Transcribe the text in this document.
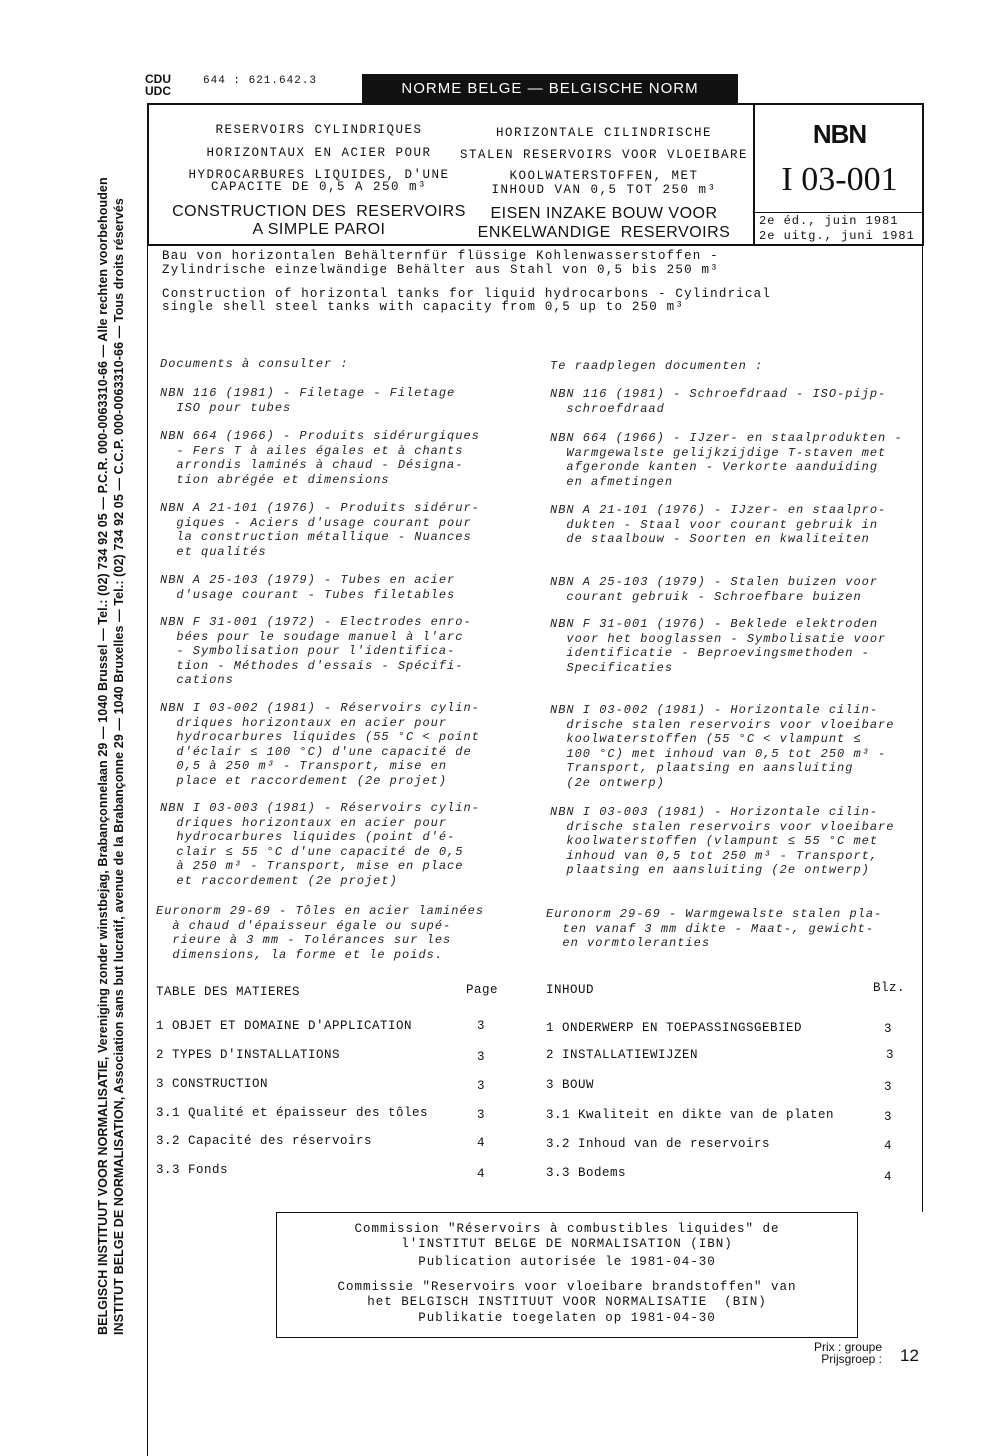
BELGISCH INSTITUUT VOOR NORMALISATIE, Vereniging zonder winstbejag, Brabançonnelaan 29 — 1040 Brussel — Tel.: (02) 734 92 05 — P.C.R. 000-0063310-66 — Alle rechten voorbehouden INSTITUT BELGE DE NORMALISATION, Association sans but lucratif, avenue de la Brabançonne 29 — 1040 Bruxelles — Tel.: (02) 734 92 05 — C.C.P. 000-0063310-66 — Tous droits réservés
CDU
UDC
644 : 621.642.3	NORME BELGE — BELGISCHE NORM
RESERVOIRS CYLINDRIQUES
HORIZONTAUX EN ACIER POUR
HYDROCARBURES LIQUIDES, D'UNE
CAPACITE DE 0,5 A 250 m³
CONSTRUCTION DES  RESERVOIRS
A SIMPLE PAROI
HORIZONTALE CILINDRISCHE
STALEN RESERVOIRS VOOR VLOEIBARE
KOOLWATERSTOFFEN, MET
INHOUD VAN 0,5 TOT 250 m³
EISEN INZAKE BOUW VOOR
ENKELWANDIGE  RESERVOIRS
NBN
I 03-001
2e éd., juin 1981
2e uitg., juni 1981
Bau von horizontalen Behälternfür flüssige Kohlenwasserstoffen -
Zylindrische einzelwändige Behälter aus Stahl von 0,5 bis 250 m³
Construction of horizontal tanks for liquid hydrocarbons - Cylindrical
single shell steel tanks with capacity from 0,5 up to 250 m³
Documents à consulter :	Te raadplegen documenten :
NBN 116 (1981) - Filetage - Filetage
ISO pour tubes
NBN 664 (1966) - Produits sidérurgiques
- Fers T à ailes égales et à chants
arrondis laminés à chaud - Désigna-
tion abrégée et dimensions
NBN A 21-101 (1976) - Produits sidérur-
giques - Aciers d'usage courant pour
la construction métallique - Nuances
et qualités
NBN A 25-103 (1979) - Tubes en acier
d'usage courant - Tubes filetables
NBN F 31-001 (1972) - Electrodes enro-
bées pour le soudage manuel à l'arc
- Symbolisation pour l'identifica-
tion - Méthodes d'essais - Spécifi-
cations
NBN I 03-002 (1981) - Réservoirs cylin-
driques horizontaux en acier pour
hydrocarbures liquides (55 °C < point
d'éclair ≤ 100 °C) d'une capacité de
0,5 à 250 m³ - Transport, mise en
place et raccordement (2e projet)
NBN I 03-003 (1981) - Réservoirs cylin-
driques horizontaux en acier pour
hydrocarbures liquides (point d'é-
clair ≤ 55 °C d'une capacité de 0,5
à 250 m³ - Transport, mise en place
et raccordement (2e projet)
Euronorm 29-69 - Tôles en acier laminées
à chaud d'épaisseur égale ou supé-
rieure à 3 mm - Tolérances sur les
dimensions, la forme et le poids.
NBN 116 (1981) - Schroefdraad - ISO-pijp-
schroefdraad
NBN 664 (1966) - IJzer- en staalprodukten -
Warmgewalste gelijkzijdige T-staven met
afgeronde kanten - Verkorte aanduiding
en afmetingen
NBN A 21-101 (1976) - IJzer- en staalpro-
dukten - Staal voor courant gebruik in
de staalbouw - Soorten en kwaliteiten
NBN A 25-103 (1979) - Stalen buizen voor
courant gebruik - Schroefbare buizen
NBN F 31-001 (1976) - Beklede elektroden
voor het booglassen - Symbolisatie voor
identificatie - Beproevingsmethoden -
Specificaties
NBN I 03-002 (1981) - Horizontale cilin-
drische stalen reservoirs voor vloeibare
koolwaterstoffen (55 °C < vlampunt ≤
100 °C) met inhoud van 0,5 tot 250 m³ -
Transport, plaatsing en aansluiting
(2e ontwerp)
NBN I 03-003 (1981) - Horizontale cilin-
drische stalen reservoirs voor vloeibare
koolwaterstoffen (vlampunt ≤ 55 °C met
inhoud van 0,5 tot 250 m³ - Transport,
plaatsing en aansluiting (2e ontwerp)
Euronorm 29-69 - Warmgewalste stalen pla-
ten vanaf 3 mm dikte - Maat-, gewicht-
en vormtoleranties
TABLE DES MATIERES	Page	INHOUD	Blz.
1 OBJET ET DOMAINE D'APPLICATION	3
2 TYPES D'INSTALLATIONS	3
3 CONSTRUCTION	3
3.1 Qualité et épaisseur des tôles	3
3.2 Capacité des réservoirs	4
3.3 Fonds	4
1 ONDERWERP EN TOEPASSINGSGEBIED	3
2 INSTALLATIEWIJZEN	3
3 BOUW	3
3.1 Kwaliteit en dikte van de platen	3
3.2 Inhoud van de reservoirs	4
3.3 Bodems	4
Commission "Réservoirs à combustibles liquides" de
l'INSTITUT BELGE DE NORMALISATION (IBN)
Publication autorisée le 1981-04-30
Commissie "Reservoirs voor vloeibare brandstoffen" van
het BELGISCH INSTITUUT VOOR NORMALISATIE  (BIN)
Publikatie toegelaten op 1981-04-30
Prix : groupe
Prijsgroep : 12
